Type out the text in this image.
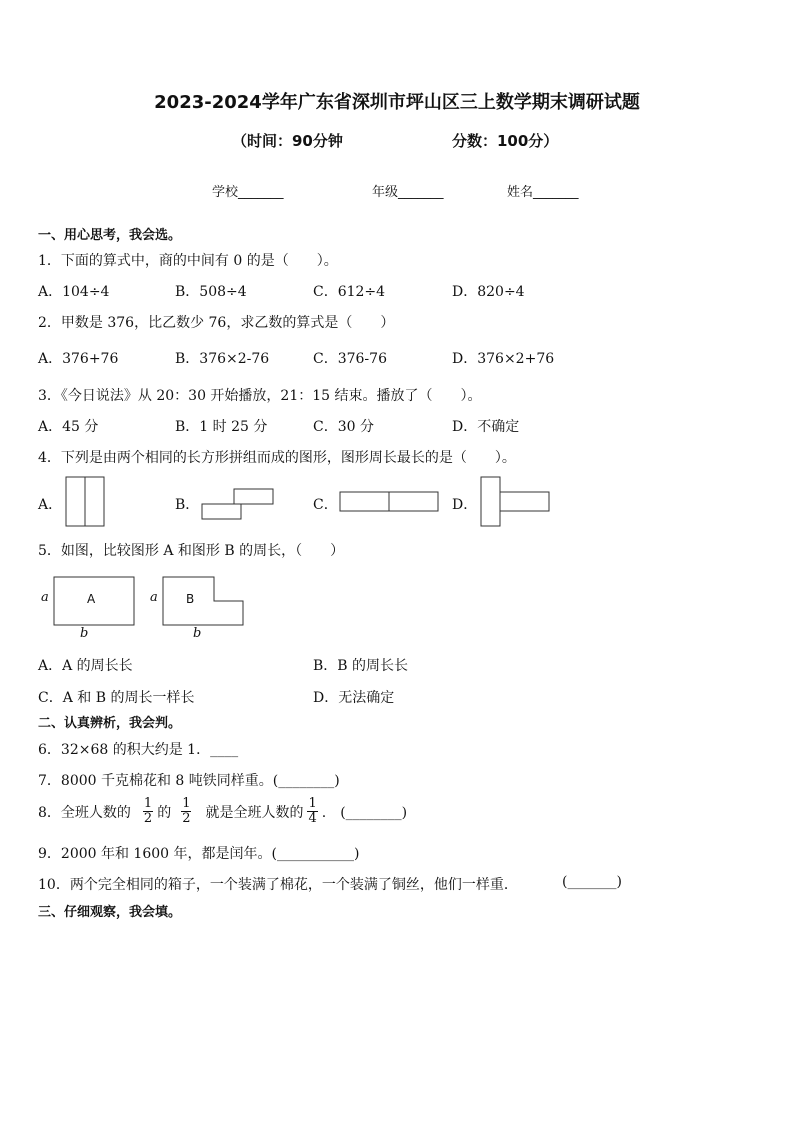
2023-2024学年广东省深圳市坪山区三上数学期末调研试题
（时间：90分钟	分数：100分）
学校_______	年级_______	姓名_______
一、用心思考，我会选。
1．下面的算式中，商的中间有 0 的是（　　）。
A．104÷4	B．508÷4	C．612÷4	D．820÷4
2．甲数是 376，比乙数少 76，求乙数的算式是（　　）
A．376+76	B．376×2-76	C．376-76	D．376×2+76
3．《今日说法》从 20：30 开始播放，21：15 结束。播放了（　　）。
A．45 分	B．1 时 25 分	C．30 分	D．不确定
4．下列是由两个相同的长方形拼组而成的图形，图形周长最长的是（　　）。
A．	B．	C．	D．
5．如图，比较图形 A 和图形 B 的周长，（　　）
a
b
A	a B
b
A．A 的周长长	B．B 的周长长
C．A 和 B 的周长一样长	D．无法确定
二、认真辨析，我会判。
6．32×68 的积大约是 1．____
7．8000 千克棉花和 8 吨铁同样重。(________)
8．全班人数的 $\frac{1}{2}$ 的 $\frac{1}{2}$ 就是全班人数的 $\frac{1}{4}$ .　(________)
9．2000 年和 1600 年，都是闰年。(___________)
10．两个完全相同的箱子，一个装满了棉花，一个装满了铜丝，他们一样重．	(_______)
三、仔细观察，我会填。
